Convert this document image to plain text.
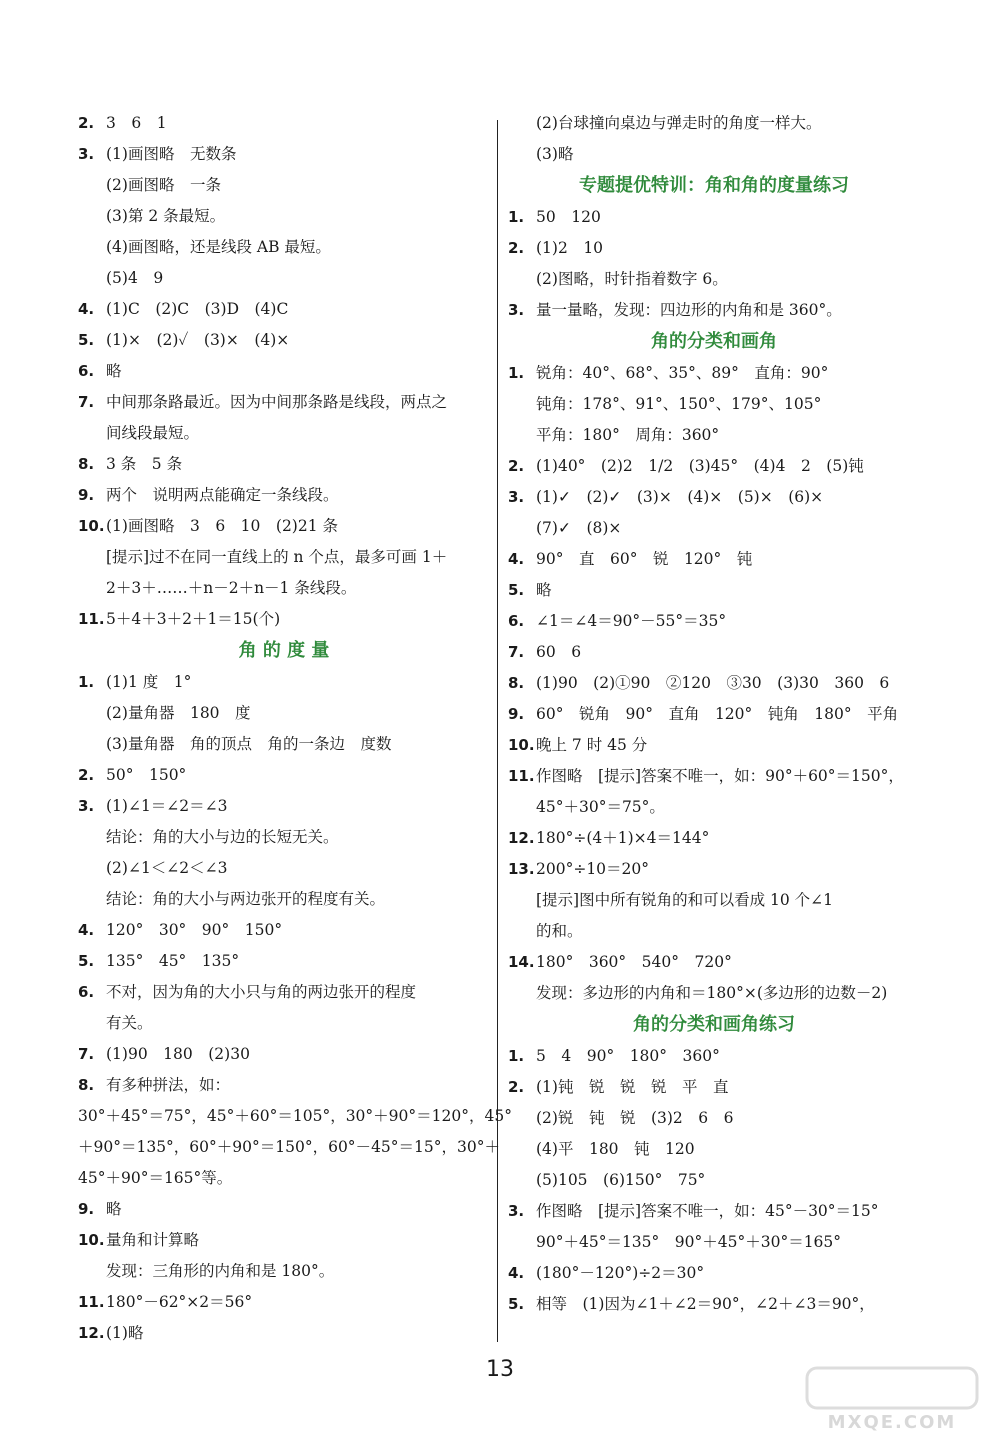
2. 3　6　1
3. (1)画图略　无数条
(2)画图略　一条
(3)第 2 条最短。
(4)画图略，还是线段 AB 最短。
(5)4　9
4. (1)C　(2)C　(3)D　(4)C
5. (1)×　(2)✓　(3)×　(4)×
6. 略
7. 中间那条路最近。因为中间那条路是线段，两点之
间线段最短。
8. 3 条　5 条
9. 两个　说明两点能确定一条线段。
10. (1)画图略　3　6　10　(2)21 条
[提示]过不在同一直线上的 n 个点，最多可画 1＋
2＋3＋……＋n－2＋n－1 条线段。
11. 5＋4＋3＋2＋1＝15(个)
角 的 度 量
1. (1)1 度　1°
(2)量角器　180　度
(3)量角器　角的顶点　角的一条边　度数
2. 50°　150°
3. (1)∠1＝∠2＝∠3
结论：角的大小与边的长短无关。
(2)∠1＜∠2＜∠3
结论：角的大小与两边张开的程度有关。
4. 120°　30°　90°　150°
5. 135°　45°　135°
6. 不对，因为角的大小只与角的两边张开的程度
有关。
7. (1)90　180　(2)30
8. 有多种拼法，如：
30°＋45°＝75°，45°＋60°＝105°，30°＋90°＝120°，45°
＋90°＝135°，60°＋90°＝150°，60°－45°＝15°，30°＋
45°＋90°＝165°等。
9. 略
10. 量角和计算略
发现：三角形的内角和是 180°。
11. 180°－62°×2＝56°
12. (1)略
(2)台球撞向桌边与弹走时的角度一样大。
(3)略
专题提优特训：角和角的度量练习
1. 50　120
2. (1)2　10
(2)图略，时针指着数字 6。
3. 量一量略，发现：四边形的内角和是 360°。
角的分类和画角
1. 锐角：40°、68°、35°、89°　直角：90°
钝角：178°、91°、150°、179°、105°
平角：180°　周角：360°
2. (1)40°　(2)2　1/2　(3)45°　(4)4　2　(5)钝
3. (1)✓　(2)✓　(3)×　(4)×　(5)×　(6)×
(7)✓　(8)×
4. 90°　直　60°　锐　120°　钝
5. 略
6. ∠1＝∠4＝90°－55°＝35°
7. 60　6
8. (1)90　(2)①90　②120　③30　(3)30　360　6
9. 60°　锐角　90°　直角　120°　钝角　180°　平角
10. 晚上 7 时 45 分
11. 作图略　[提示]答案不唯一，如：90°＋60°＝150°，
45°＋30°＝75°。
12. 180°÷(4＋1)×4＝144°
13. 200°÷10＝20°
[提示]图中所有锐角的和可以看成 10 个∠1
的和。
14. 180°　360°　540°　720°
发现：多边形的内角和＝180°×(多边形的边数－2)
角的分类和画角练习
1. 5　4　90°　180°　360°
2. (1)钝　锐　锐　锐　平　直
(2)锐　钝　锐　(3)2　6　6
(4)平　180　钝　120
(5)105　(6)150°　75°
3. 作图略　[提示]答案不唯一，如：45°－30°＝15°
90°＋45°＝135°　90°＋45°＋30°＝165°
4. (180°－120°)÷2＝30°
5. 相等　(1)因为∠1＋∠2＝90°，∠2＋∠3＝90°，
13
MXQE.COM
